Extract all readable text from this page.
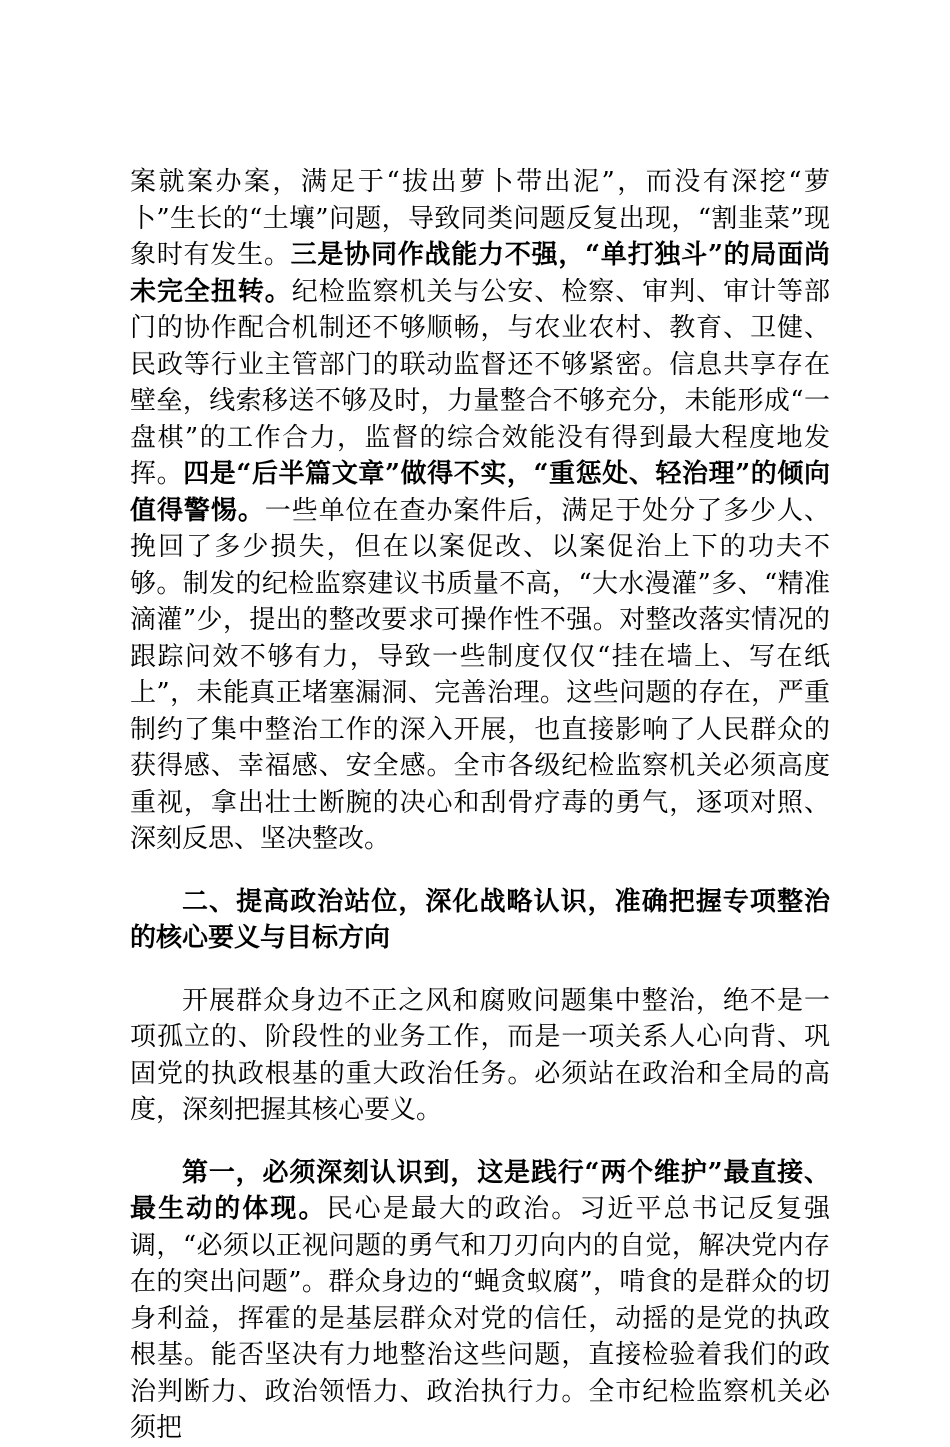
案就案办案，满足于“拔出萝卜带出泥”，而没有深挖“萝卜”生长的“土壤”问题，导致同类问题反复出现，“割韭菜”现象时有发生。三是协同作战能力不强，“单打独斗”的局面尚未完全扭转。纪检监察机关与公安、检察、审判、审计等部门的协作配合机制还不够顺畅，与农业农村、教育、卫健、民政等行业主管部门的联动监督还不够紧密。信息共享存在壁垒，线索移送不够及时，力量整合不够充分，未能形成“一盘棋”的工作合力，监督的综合效能没有得到最大程度地发挥。四是“后半篇文章”做得不实，“重惩处、轻治理”的倾向值得警惕。一些单位在查办案件后，满足于处分了多少人、挽回了多少损失，但在以案促改、以案促治上下的功夫不够。制发的纪检监察建议书质量不高，“大水漫灌”多、“精准滴灌”少，提出的整改要求可操作性不强。对整改落实情况的跟踪问效不够有力，导致一些制度仅仅“挂在墙上、写在纸上”，未能真正堵塞漏洞、完善治理。这些问题的存在，严重制约了集中整治工作的深入开展，也直接影响了人民群众的获得感、幸福感、安全感。全市各级纪检监察机关必须高度重视，拿出壮士断腕的决心和刮骨疗毒的勇气，逐项对照、深刻反思、坚决整改。

二、提高政治站位，深化战略认识，准确把握专项整治的核心要义与目标方向

开展群众身边不正之风和腐败问题集中整治，绝不是一项孤立的、阶段性的业务工作，而是一项关系人心向背、巩固党的执政根基的重大政治任务。必须站在政治和全局的高度，深刻把握其核心要义。

第一，必须深刻认识到，这是践行“两个维护”最直接、最生动的体现。民心是最大的政治。习近平总书记反复强调，“必须以正视问题的勇气和刀刃向内的自觉，解决党内存在的突出问题”。群众身边的“蝇贪蚁腐”，啃食的是群众的切身利益，挥霍的是基层群众对党的信任，动摇的是党的执政根基。能否坚决有力地整治这些问题，直接检验着我们的政治判断力、政治领悟力、政治执行力。全市纪检监察机关必须把
